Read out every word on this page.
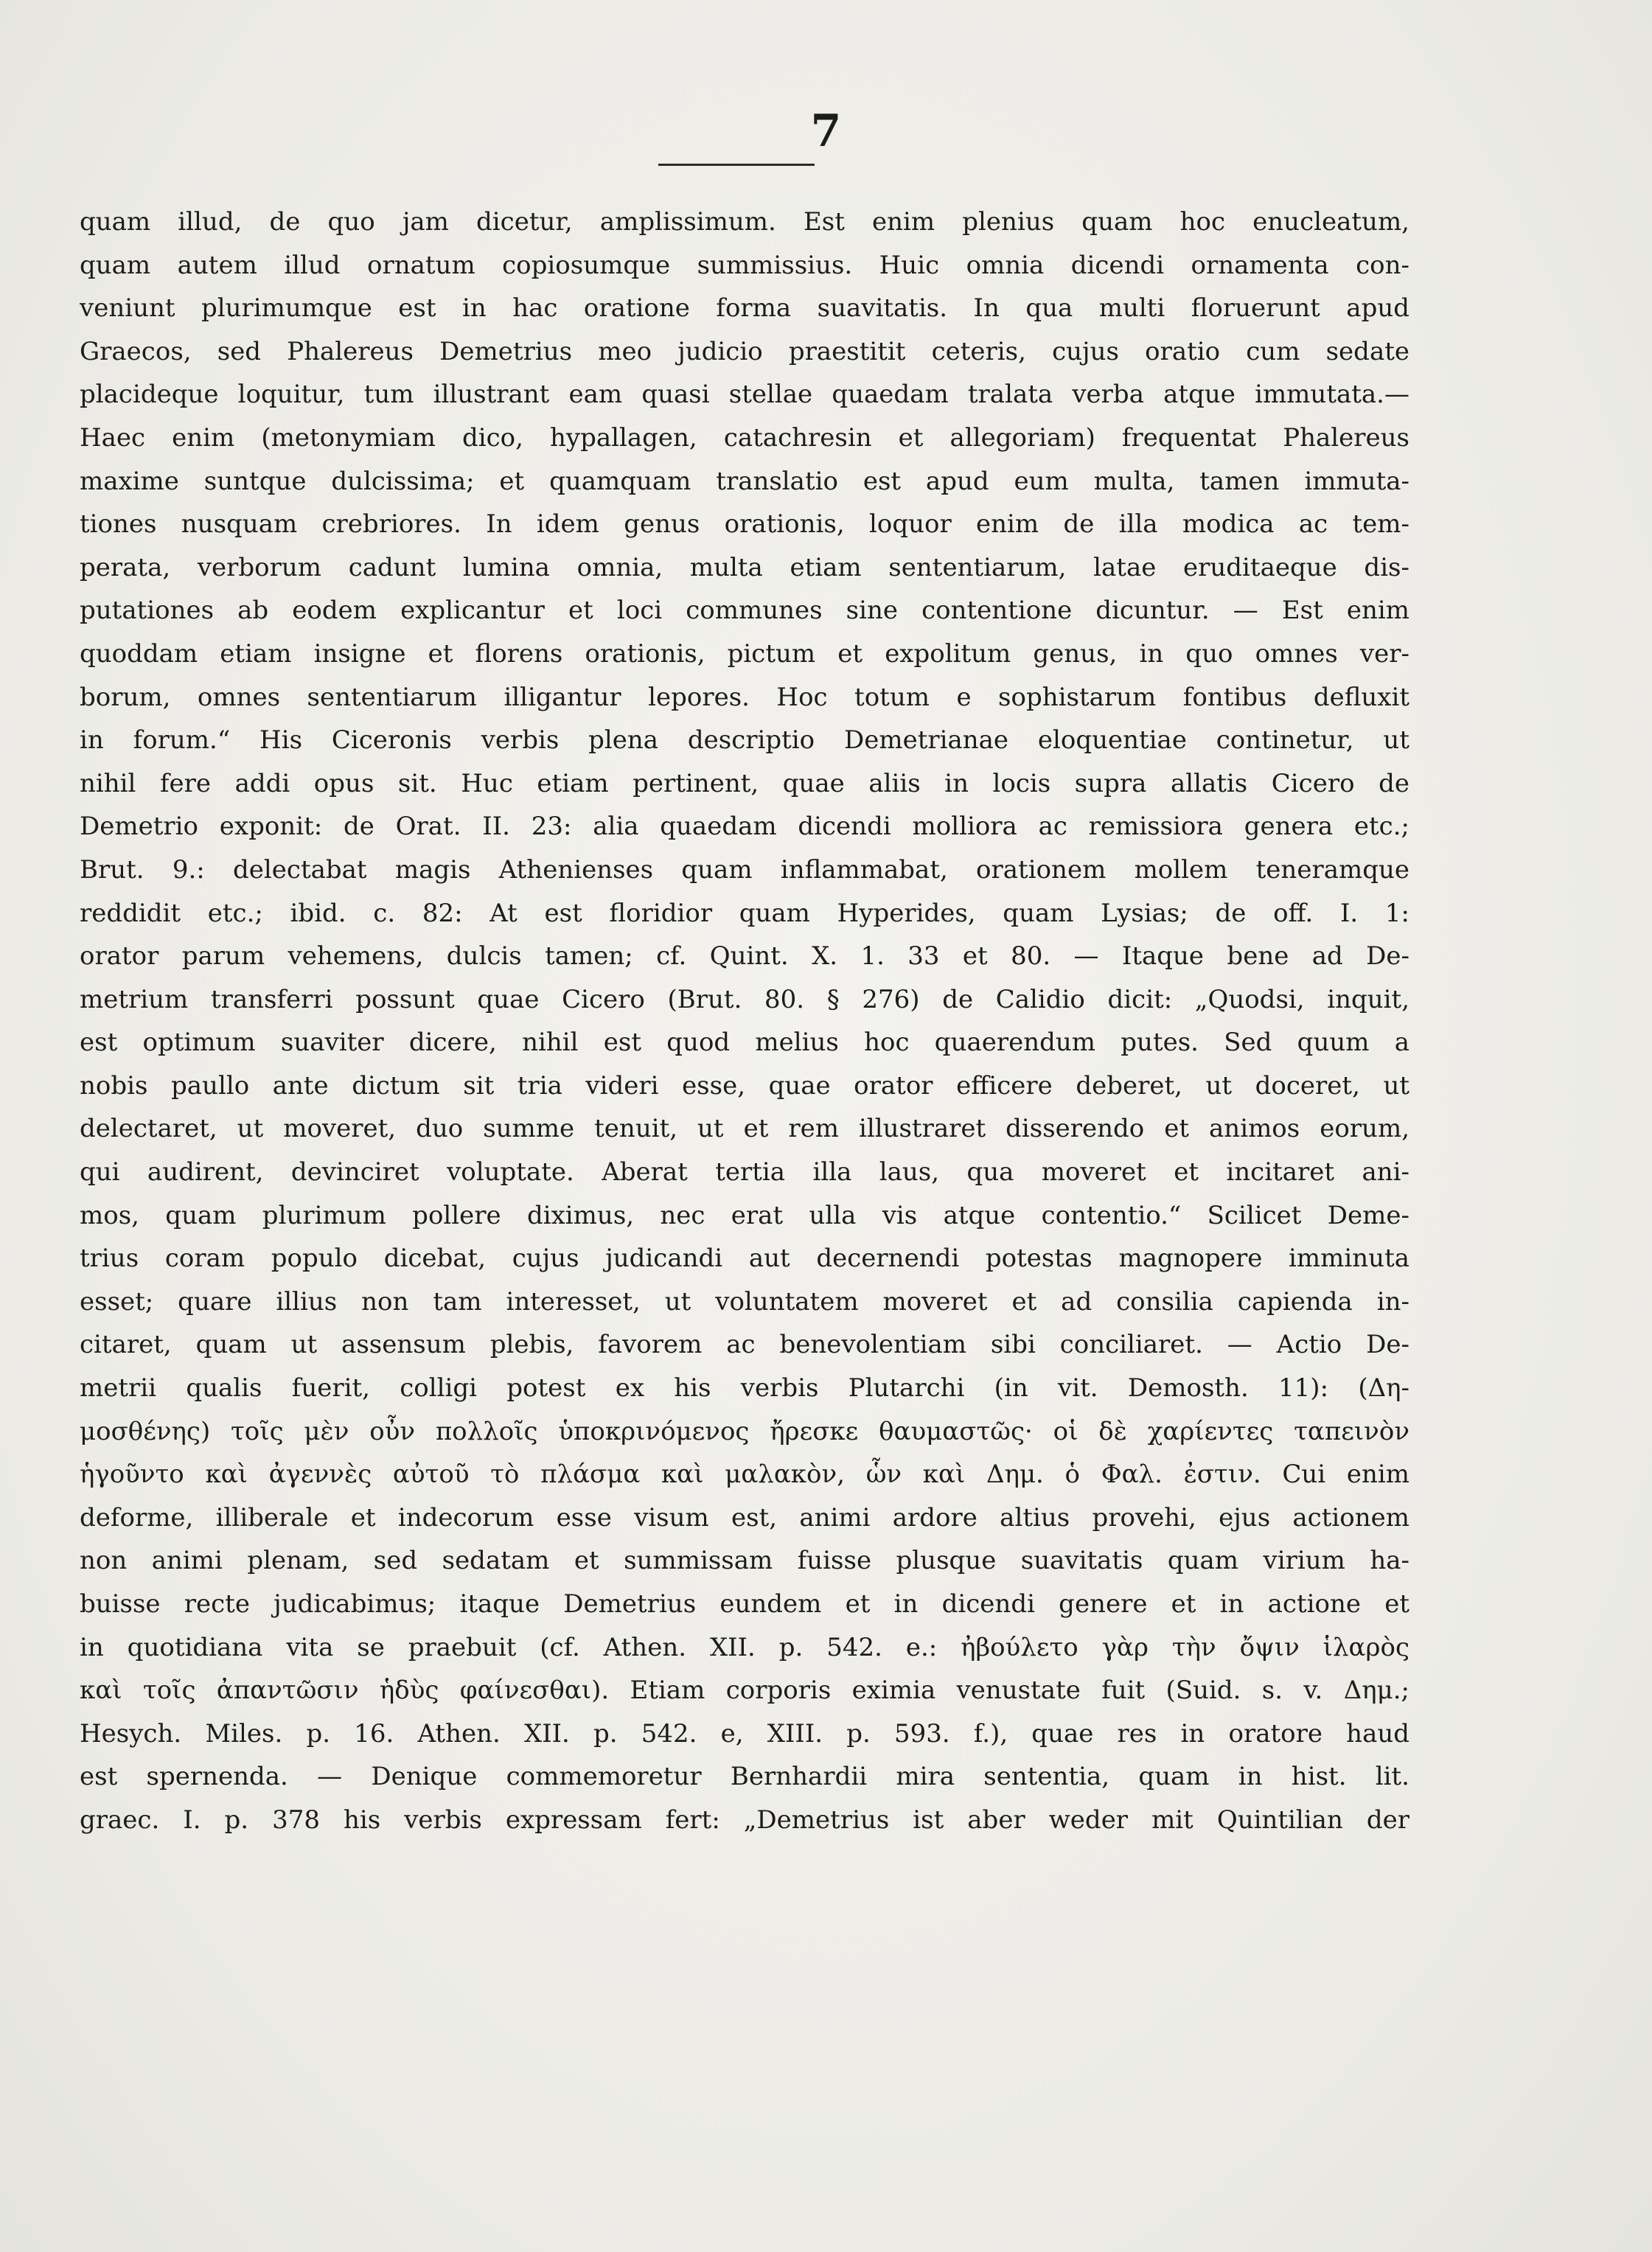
7
quam illud, de quo jam dicetur, amplissimum. Est enim plenius quam hoc enucleatum,
quam autem illud ornatum copiosumque summissius. Huic omnia dicendi ornamenta con-
veniunt plurimumque est in hac oratione forma suavitatis. In qua multi floruerunt apud
Graecos, sed Phalereus Demetrius meo judicio praestitit ceteris, cujus oratio cum sedate
placideque loquitur, tum illustrant eam quasi stellae quaedam tralata verba atque immutata.—
Haec enim (metonymiam dico, hypallagen, catachresin et allegoriam) frequentat Phalereus
maxime suntque dulcissima; et quamquam translatio est apud eum multa, tamen immuta-
tiones nusquam crebriores. In idem genus orationis, loquor enim de illa modica ac tem-
perata, verborum cadunt lumina omnia, multa etiam sententiarum, latae eruditaeque dis-
putationes ab eodem explicantur et loci communes sine contentione dicuntur. — Est enim
quoddam etiam insigne et florens orationis, pictum et expolitum genus, in quo omnes ver-
borum, omnes sententiarum illigantur lepores. Hoc totum e sophistarum fontibus defluxit
in forum.“ His Ciceronis verbis plena descriptio Demetrianae eloquentiae continetur, ut
nihil fere addi opus sit. Huc etiam pertinent, quae aliis in locis supra allatis Cicero de
Demetrio exponit: de Orat. II. 23: alia quaedam dicendi molliora ac remissiora genera etc.;
Brut. 9.: delectabat magis Athenienses quam inflammabat, orationem mollem teneramque
reddidit etc.; ibid. c. 82: At est floridior quam Hyperides, quam Lysias; de off. I. 1:
orator parum vehemens, dulcis tamen; cf. Quint. X. 1. 33 et 80. — Itaque bene ad De-
metrium transferri possunt quae Cicero (Brut. 80. § 276) de Calidio dicit: „Quodsi, inquit,
est optimum suaviter dicere, nihil est quod melius hoc quaerendum putes. Sed quum a
nobis paullo ante dictum sit tria videri esse, quae orator efficere deberet, ut doceret, ut
delectaret, ut moveret, duo summe tenuit, ut et rem illustraret disserendo et animos eorum,
qui audirent, devinciret voluptate. Aberat tertia illa laus, qua moveret et incitaret ani-
mos, quam plurimum pollere diximus, nec erat ulla vis atque contentio.“ Scilicet Deme-
trius coram populo dicebat, cujus judicandi aut decernendi potestas magnopere imminuta
esset; quare illius non tam interesset, ut voluntatem moveret et ad consilia capienda in-
citaret, quam ut assensum plebis, favorem ac benevolentiam sibi conciliaret. — Actio De-
metrii qualis fuerit, colligi potest ex his verbis Plutarchi (in vit. Demosth. 11): (Δη-
μοσθένης) τοῖς μὲν οὖν πολλοῖς ὑποκρινόμενος ἤρεσκε θαυμαστῶς· οἱ δὲ χαρίεντες ταπεινὸν
ἡγοῦντο καὶ ἀγεννὲς αὐτοῦ τὸ πλάσμα καὶ μαλακὸν, ὧν καὶ Δημ. ὁ Φαλ. ἐστιν. Cui enim
deforme, illiberale et indecorum esse visum est, animi ardore altius provehi, ejus actionem
non animi plenam, sed sedatam et summissam fuisse plusque suavitatis quam virium ha-
buisse recte judicabimus; itaque Demetrius eundem et in dicendi genere et in actione et
in quotidiana vita se praebuit (cf. Athen. XII. p. 542. e.: ἠβούλετο γὰρ τὴν ὄψιν ἱλαρὸς
καὶ τοῖς ἀπαντῶσιν ἡδὺς φαίνεσθαι). Etiam corporis eximia venustate fuit (Suid. s. v. Δημ.;
Hesych. Miles. p. 16. Athen. XII. p. 542. e, XIII. p. 593. f.), quae res in oratore haud
est spernenda. — Denique commemoretur Bernhardii mira sententia, quam in hist. lit.
graec. I. p. 378 his verbis expressam fert: „Demetrius ist aber weder mit Quintilian der
